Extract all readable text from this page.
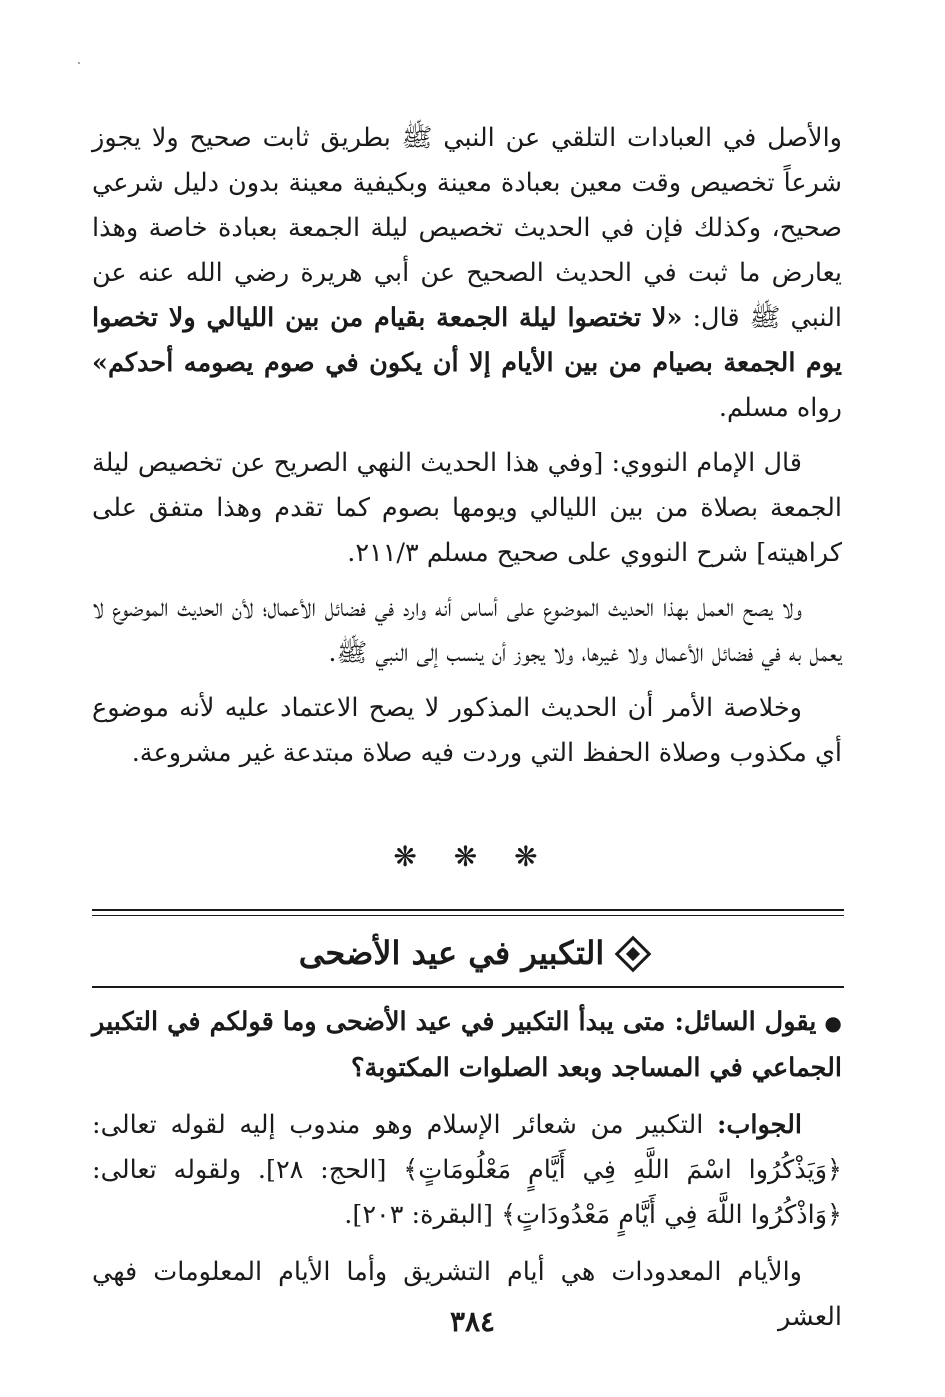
والأصل في العبادات التلقي عن النبي ﷺ بطريق ثابت صحيح ولا يجوز شرعاً تخصيص وقت معين بعبادة معينة وبكيفية معينة بدون دليل شرعي صحيح، وكذلك فإن في الحديث تخصيص ليلة الجمعة بعبادة خاصة وهذا يعارض ما ثبت في الحديث الصحيح عن أبي هريرة رضي الله عنه عن النبي ﷺ قال: «لا تختصوا ليلة الجمعة بقيام من بين الليالي ولا تخصوا يوم الجمعة بصيام من بين الأيام إلا أن يكون في صوم يصومه أحدكم» رواه مسلم.

قال الإمام النووي: [وفي هذا الحديث النهي الصريح عن تخصيص ليلة الجمعة بصلاة من بين الليالي ويومها بصوم كما تقدم وهذا متفق على كراهيته] شرح النووي على صحيح مسلم ٢١١/٣.

ولا يصح العمل بهذا الحديث الموضوع على أساس أنه وارد في فضائل الأعمال؛ لأن الحديث الموضوع لا يعمل به في فضائل الأعمال ولا غيرها، ولا يجوز أن ينسب إلى النبي ﷺ.

وخلاصة الأمر أن الحديث المذكور لا يصح الاعتماد عليه لأنه موضوع أي مكذوب وصلاة الحفظ التي وردت فيه صلاة مبتدعة غير مشروعة.

❋ ❋ ❋
التكبير في عيد الأضحى

●يقول السائل: متى يبدأ التكبير في عيد الأضحى وما قولكم في التكبير الجماعي في المساجد وبعد الصلوات المكتوبة؟

الجواب: التكبير من شعائر الإسلام وهو مندوب إليه لقوله تعالى: ﴿وَيَذْكُرُوا اسْمَ اللَّهِ فِي أَيَّامٍ مَعْلُومَاتٍ﴾ [الحج: ٢٨]. ولقوله تعالى: ﴿وَاذْكُرُوا اللَّهَ فِي أَيَّامٍ مَعْدُودَاتٍ﴾ [البقرة: ٢٠٣].

والأيام المعدودات هي أيام التشريق وأما الأيام المعلومات فهي العشر

٣٨٤
